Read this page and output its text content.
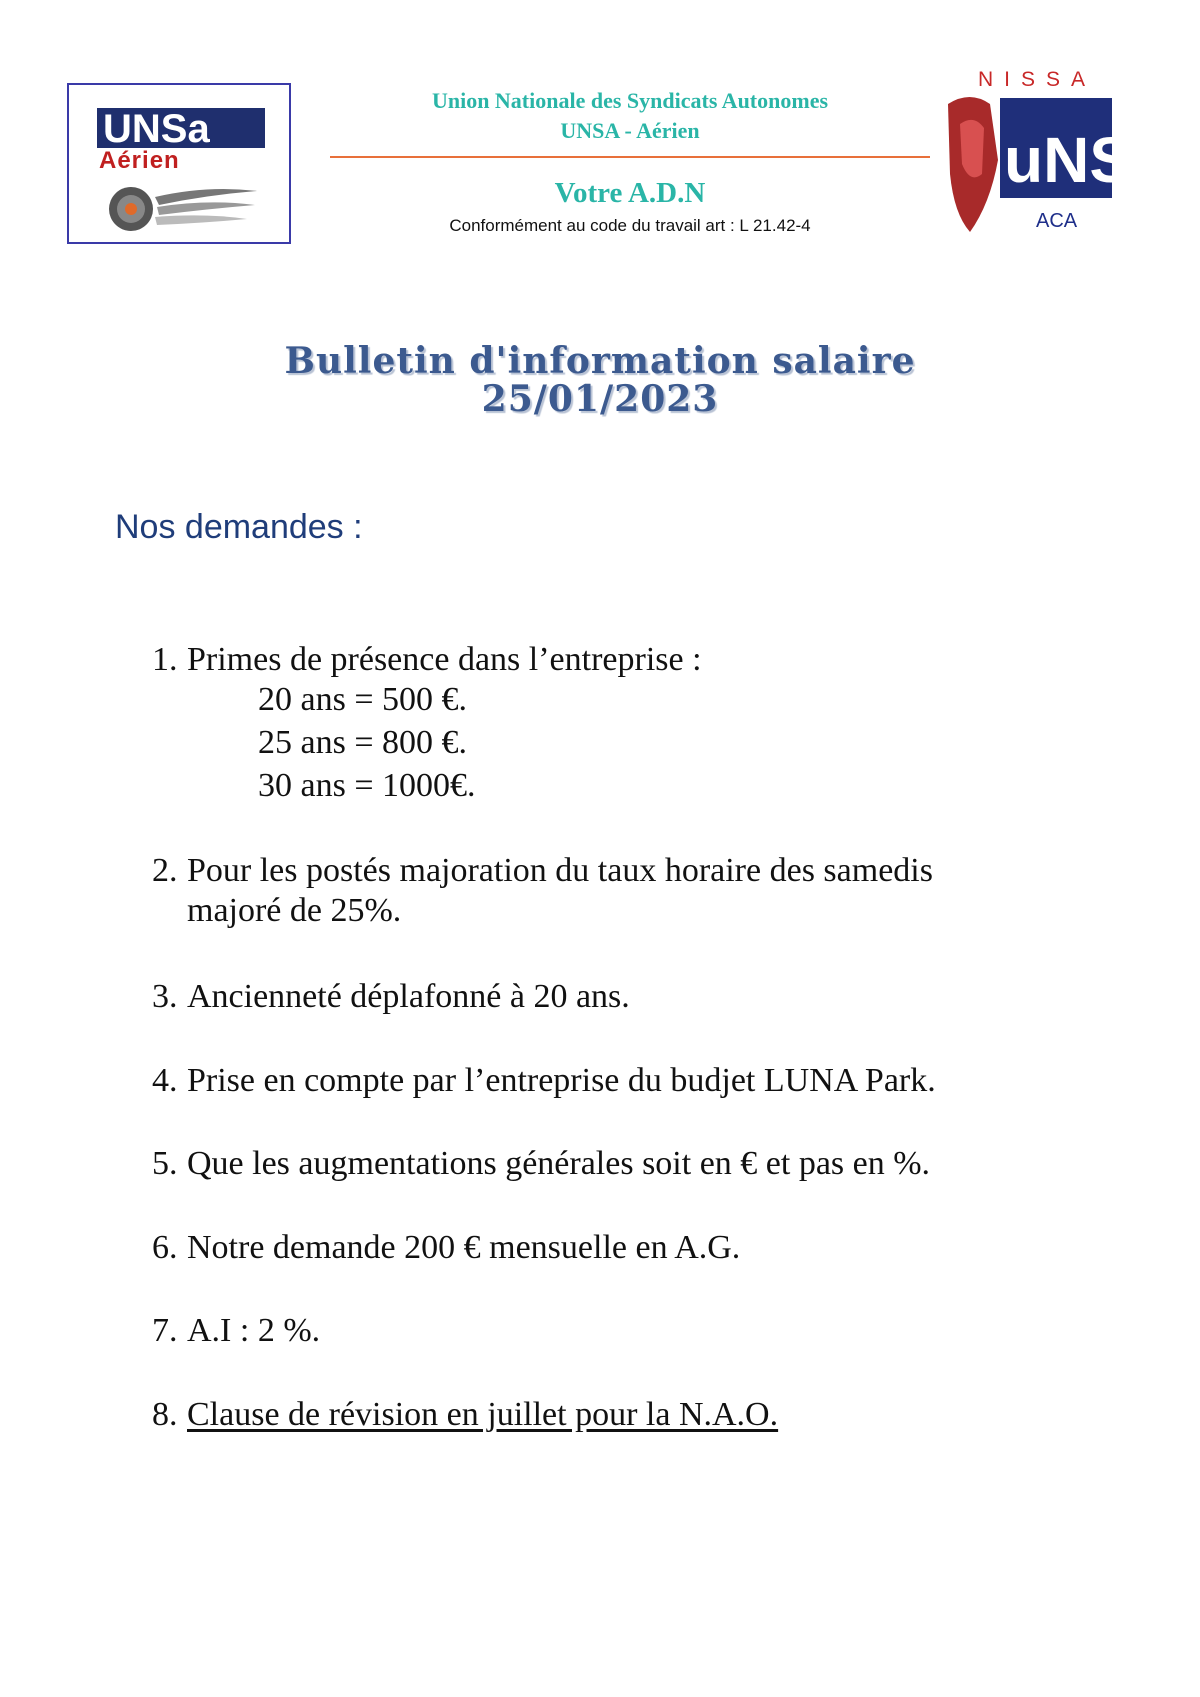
UNSa
Aérien
Union Nationale des Syndicats Autonomes
UNSA - Aérien
Votre A.D.N
Conformément au code du travail art : L 21.42-4
NISSA
uNSa
ACA
Bulletin d'information salaire
25/01/2023
Nos demandes :
1. Primes de présence dans l’entreprise :
20 ans = 500 €.
25 ans = 800 €.
30 ans = 1000€.
2. Pour les postés majoration du taux horaire des samedis
majoré de 25%.
3. Ancienneté déplafonné à 20 ans.
4. Prise en compte par l’entreprise du budjet LUNA Park.
5. Que les augmentations générales soit en € et pas en %.
6. Notre demande 200 € mensuelle en A.G.
7. A.I : 2 %.
8. Clause de révision en juillet pour la N.A.O.
